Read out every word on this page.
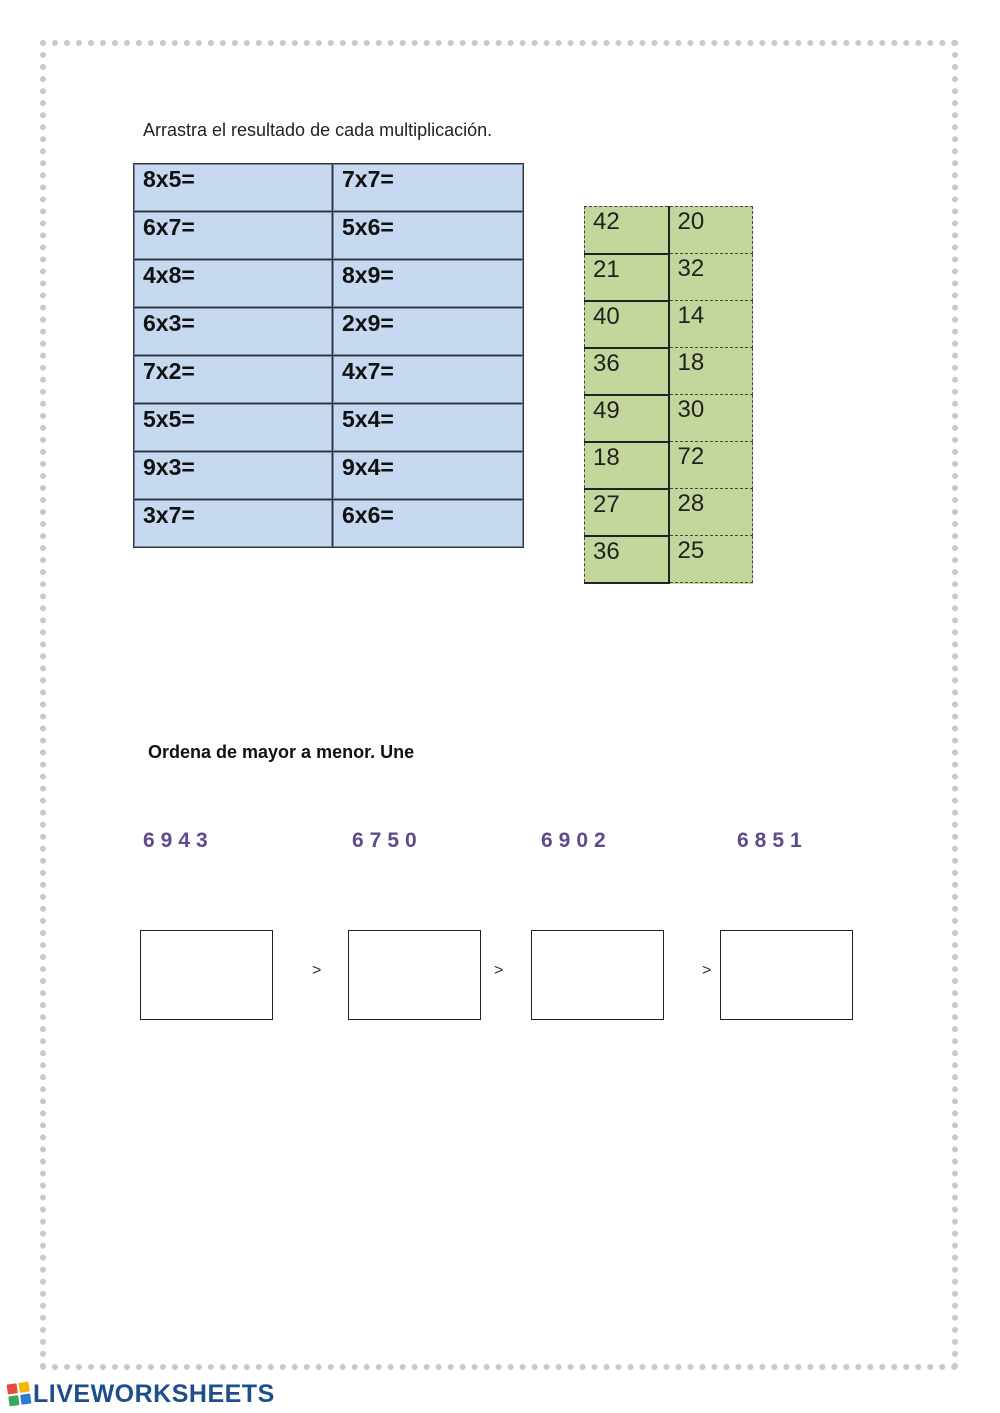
Arrastra el resultado de cada multiplicación.
8x5=	7x7=
6x7=	5x6=
4x8=	8x9=
6x3=	2x9=
7x2=	4x7=
5x5=	5x4=
9x3=	9x4=
3x7=	6x6=
42	20
21	32
40	14
36	18
49	30
18	72
27	28
36	25
Ordena de mayor a menor. Une
6943	6750	6902	6851
>	>	>
LIVEWORKSHEETS
